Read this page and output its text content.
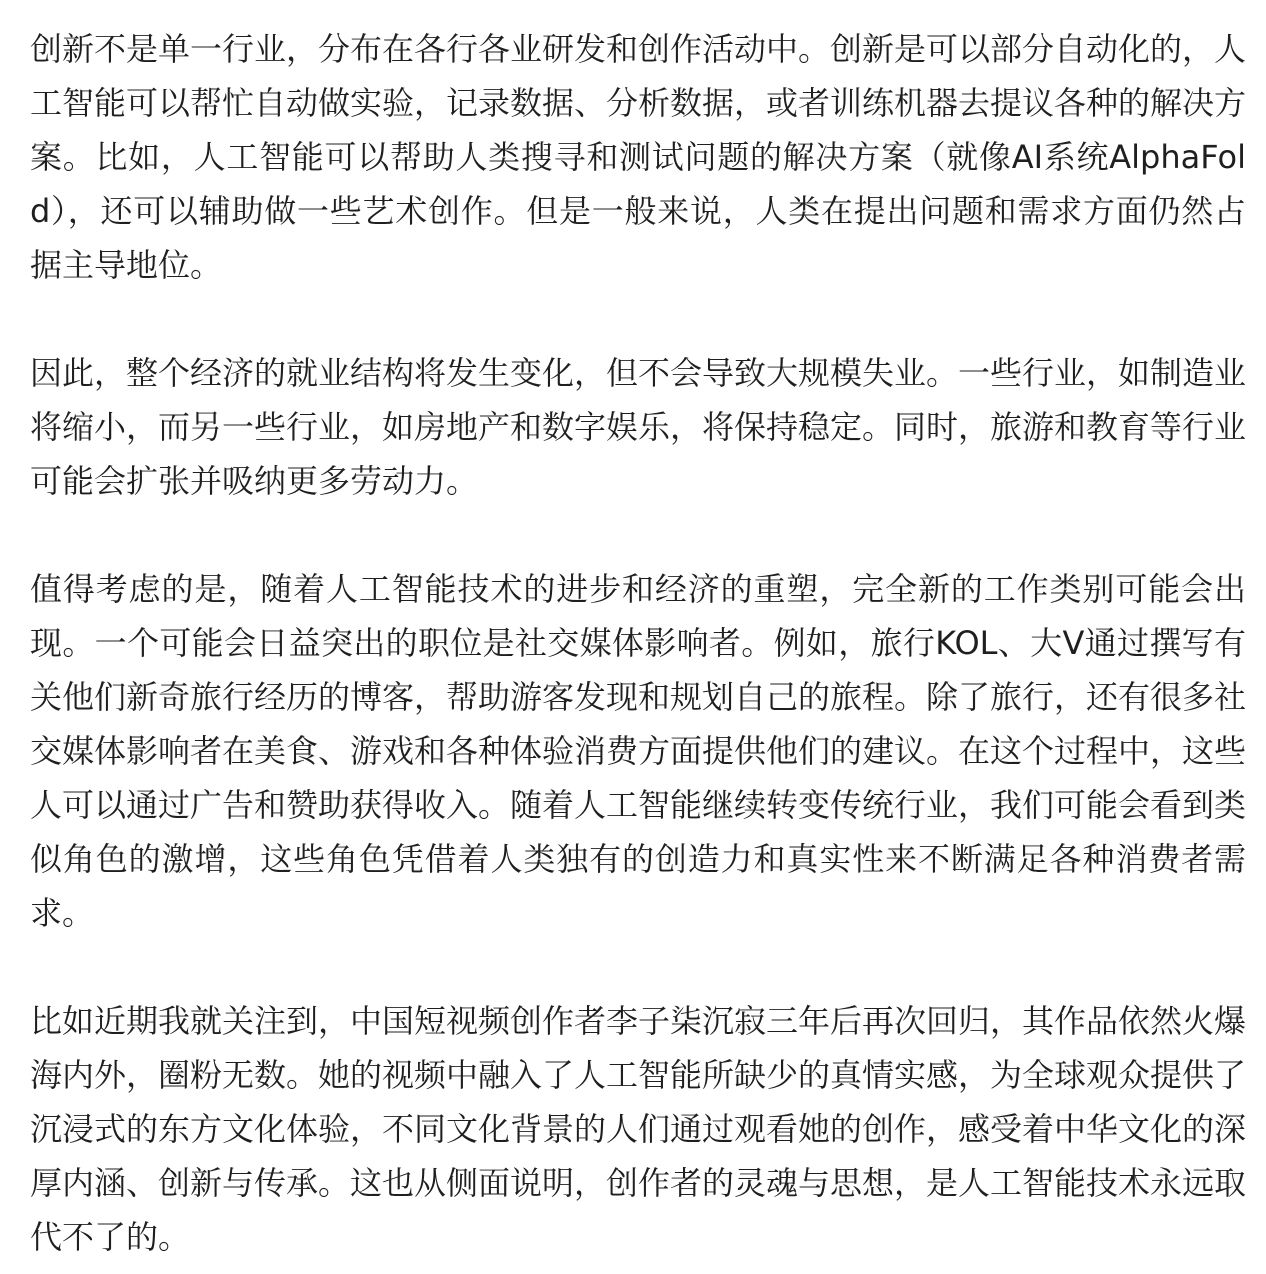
创新不是单一行业，分布在各行各业研发和创作活动中。创新是可以部分自动化的，人工智能可以帮忙自动做实验，记录数据、分析数据，或者训练机器去提议各种的解决方案。比如，人工智能可以帮助人类搜寻和测试问题的解决方案（就像AI系统AlphaFold），还可以辅助做一些艺术创作。但是一般来说，人类在提出问题和需求方面仍然占据主导地位。

因此，整个经济的就业结构将发生变化，但不会导致大规模失业。一些行业，如制造业将缩小，而另一些行业，如房地产和数字娱乐，将保持稳定。同时，旅游和教育等行业可能会扩张并吸纳更多劳动力。

值得考虑的是，随着人工智能技术的进步和经济的重塑，完全新的工作类别可能会出现。一个可能会日益突出的职位是社交媒体影响者。例如，旅行KOL、大V通过撰写有关他们新奇旅行经历的博客，帮助游客发现和规划自己的旅程。除了旅行，还有很多社交媒体影响者在美食、游戏和各种体验消费方面提供他们的建议。在这个过程中，这些人可以通过广告和赞助获得收入。随着人工智能继续转变传统行业，我们可能会看到类似角色的激增，这些角色凭借着人类独有的创造力和真实性来不断满足各种消费者需求。

比如近期我就关注到，中国短视频创作者李子柒沉寂三年后再次回归，其作品依然火爆海内外，圈粉无数。她的视频中融入了人工智能所缺少的真情实感，为全球观众提供了沉浸式的东方文化体验，不同文化背景的人们通过观看她的创作，感受着中华文化的深厚内涵、创新与传承。这也从侧面说明，创作者的灵魂与思想，是人工智能技术永远取代不了的。
